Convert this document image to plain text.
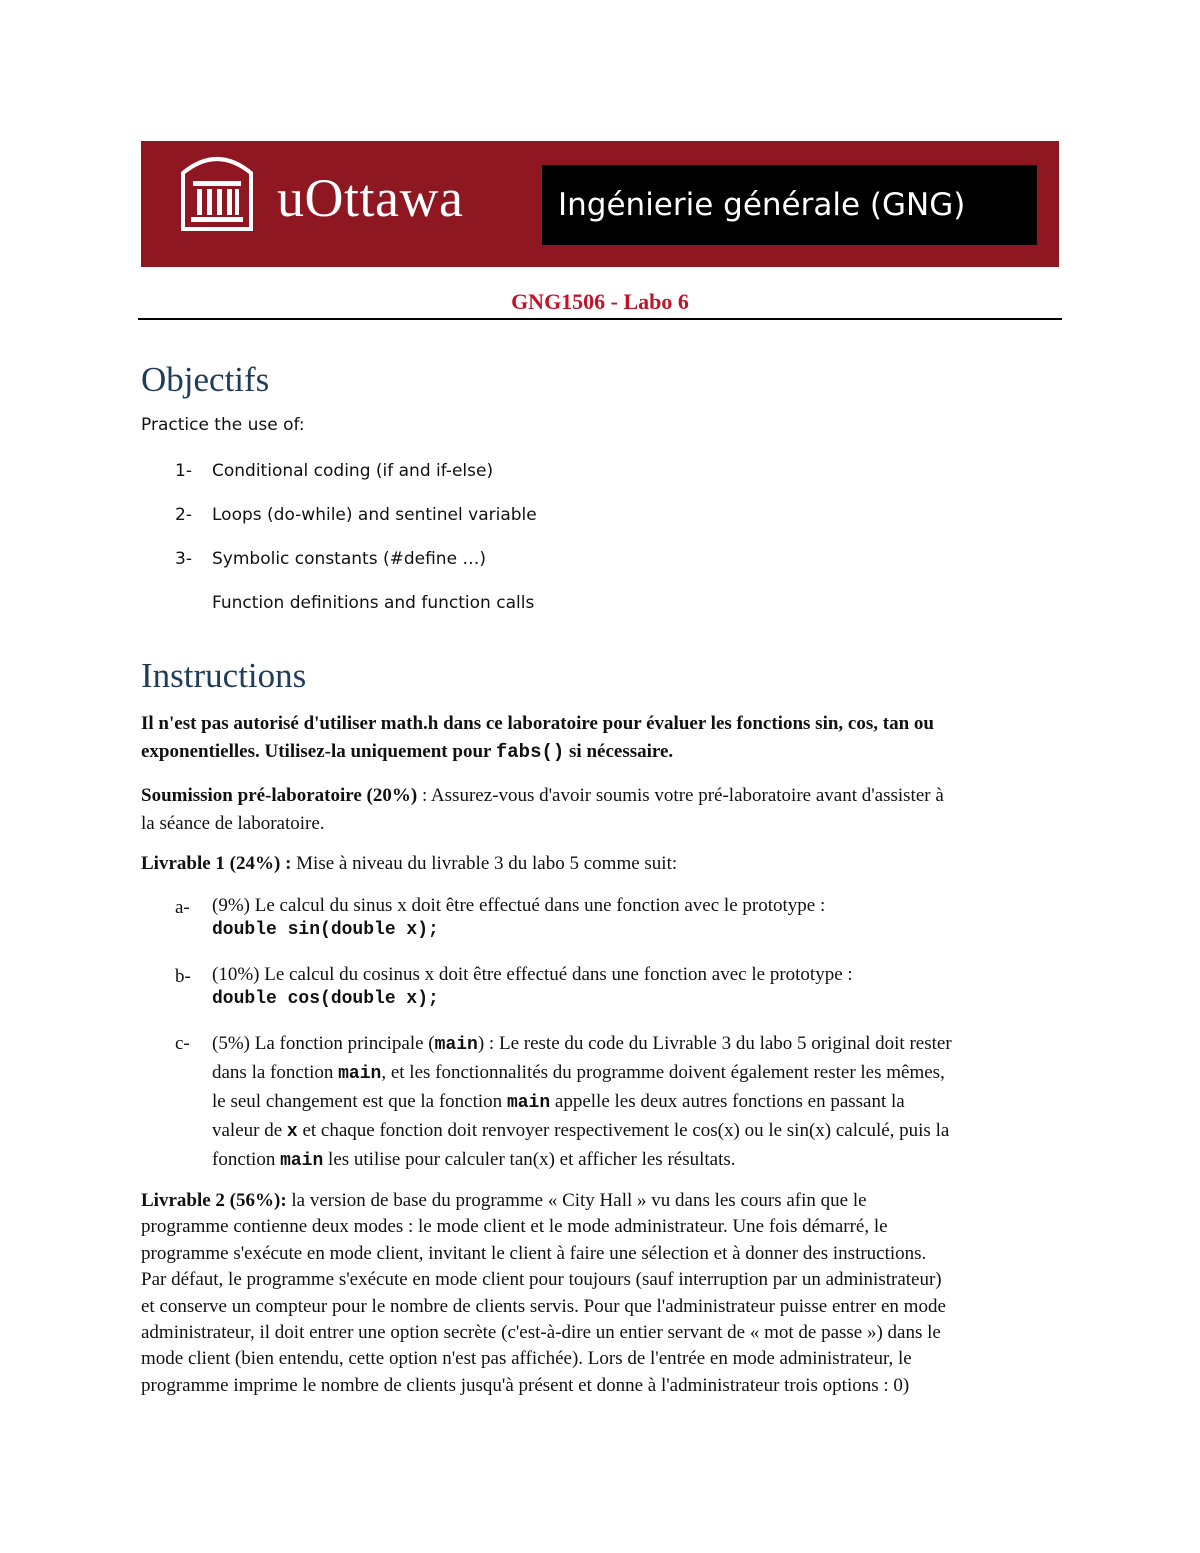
uOttawa	Ingénierie générale (GNG)
GNG1506 - Labo 6
Objectifs
Practice the use of:
1- Conditional coding (if and if-else)
2- Loops (do-while) and sentinel variable
3- Symbolic constants (#define …)
Function definitions and function calls
Instructions
Il n'est pas autorisé d'utiliser math.h dans ce laboratoire pour évaluer les fonctions sin, cos, tan ou
exponentielles. Utilisez-la uniquement pour fabs() si nécessaire.
Soumission pré-laboratoire (20%) : Assurez-vous d'avoir soumis votre pré-laboratoire avant d'assister à
la séance de laboratoire.
Livrable 1 (24%) : Mise à niveau du livrable 3 du labo 5 comme suit:
a- (9%) Le calcul du sinus x doit être effectué dans une fonction avec le prototype :
double sin(double x);
b- (10%) Le calcul du cosinus x doit être effectué dans une fonction avec le prototype :
double cos(double x);
c- (5%) La fonction principale (main) : Le reste du code du Livrable 3 du labo 5 original doit rester
dans la fonction main, et les fonctionnalités du programme doivent également rester les mêmes,
le seul changement est que la fonction main appelle les deux autres fonctions en passant la
valeur de x et chaque fonction doit renvoyer respectivement le cos(x) ou le sin(x) calculé, puis la
fonction main les utilise pour calculer tan(x) et afficher les résultats.
Livrable 2 (56%): la version de base du programme « City Hall » vu dans les cours afin que le
programme contienne deux modes : le mode client et le mode administrateur. Une fois démarré, le
programme s'exécute en mode client, invitant le client à faire une sélection et à donner des instructions.
Par défaut, le programme s'exécute en mode client pour toujours (sauf interruption par un administrateur)
et conserve un compteur pour le nombre de clients servis. Pour que l'administrateur puisse entrer en mode
administrateur, il doit entrer une option secrète (c'est-à-dire un entier servant de « mot de passe ») dans le
mode client (bien entendu, cette option n'est pas affichée). Lors de l'entrée en mode administrateur, le
programme imprime le nombre de clients jusqu'à présent et donne à l'administrateur trois options : 0)
